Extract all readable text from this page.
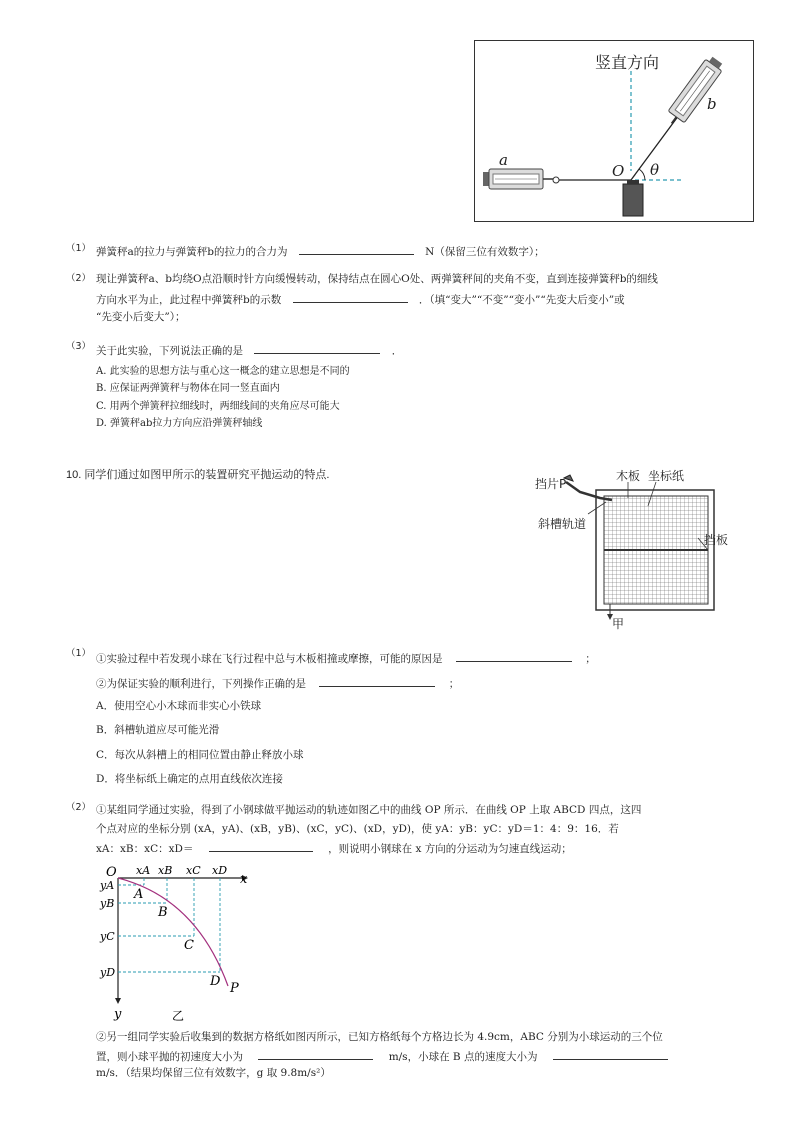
竖直方向
a
b
O θ
（1） 弹簧秤a的拉力与弹簧秤b的拉力的合力为	N（保留三位有效数字）；
（2） 现让弹簧秤a、b均绕O点沿顺时针方向缓慢转动，保持结点在圆心O处、两弹簧秤间的夹角不变，直到连接弹簧秤b的细线
方向水平为止，此过程中弹簧秤b的示数	．（填“变大”“不变”“变小”“先变大后变小”或
“先变小后变大”）；
（3） 关于此实验，下列说法正确的是	．
A. 此实验的思想方法与重心这一概念的建立思想是不同的
B. 应保证两弹簧秤与物体在同一竖直面内
C. 用两个弹簧秤拉细线时，两细线间的夹角应尽可能大
D. 弹簧秤ab拉力方向应沿弹簧秤轴线
10. 同学们通过如图甲所示的装置研究平抛运动的特点.
挡片P
木板 坐标纸
斜槽轨道
挡板
甲
（1） ①实验过程中若发现小球在飞行过程中总与木板相撞或摩擦，可能的原因是	；
②为保证实验的顺利进行，下列操作正确的是	；
A．使用空心小木球而非实心小铁球
B．斜槽轨道应尽可能光滑
C．每次从斜槽上的相同位置由静止释放小球
D．将坐标纸上确定的点用直线依次连接
（2） ①某组同学通过实验，得到了小钢球做平抛运动的轨迹如图乙中的曲线 OP 所示．在曲线 OP 上取 ABCD 四点，这四
个点对应的坐标分别 (xA，yA)、(xB，yB)、(xC，yC)、(xD，yD)，使 yA：yB：yC：yD＝1：4：9：16．若
xA：xB：xC：xD＝	，则说明小钢球在 x 方向的分运动为匀速直线运动；
O	x
y
xA xB xC xD
yA
yB
yC
yD
A
B
C
D P
乙
②另一组同学实验后收集到的数据方格纸如图丙所示，已知方格纸每个方格边长为 4.9cm，ABC 分别为小球运动的三个位
置，则小球平抛的初速度大小为	m/s，小球在 B 点的速度大小为
m/s．（结果均保留三位有效数字，g 取 9.8m/s²）
